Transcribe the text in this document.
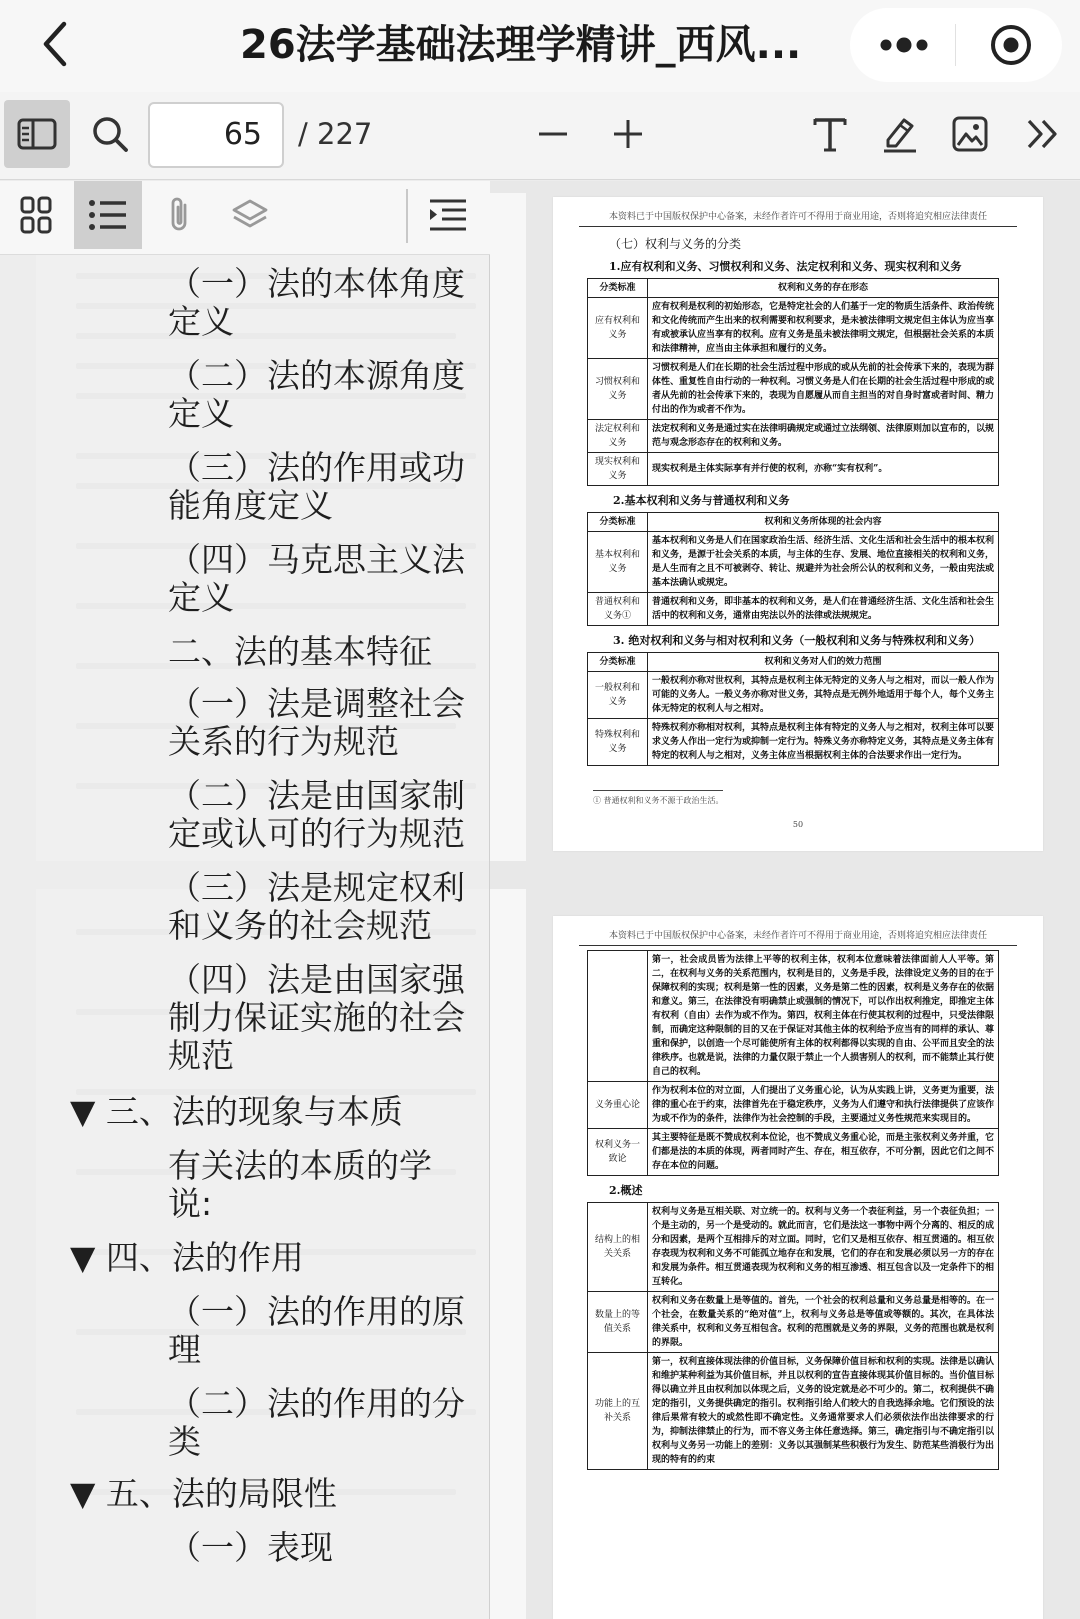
26法学基础法理学精讲_西风...
65	/ 227
本资料已于中国版权保护中心备案，未经作者许可不得用于商业用途，否则将追究相应法律责任
（七）权利与义务的分类
1.应有权利和义务、习惯权利和义务、法定权利和义务、现实权利和义务
分类标准	权利和义务的存在形态
应有权利和义务	应有权利是权利的初始形态，它是特定社会的人们基于一定的物质生活条件、政治传统和文化传统而产生出来的权利需要和权利要求，是未被法律明文规定但主体认为应当享有或被承认应当享有的权利。应有义务是虽未被法律明文规定，但根据社会关系的本质和法律精神，应当由主体承担和履行的义务。
习惯权利和义务	习惯权利是人们在长期的社会生活过程中形成的或从先前的社会传承下来的，表现为群体性、重复性自由行动的一种权利。习惯义务是人们在长期的社会生活过程中形成的或者从先前的社会传承下来的，表现为自愿履从而自主担当的对自身时富或者时间、精力付出的作为或者不作为。
法定权利和义务	法定权利和义务是通过实在法律明确规定或通过立法纲领、法律原则加以宣布的，以规范与观念形态存在的权利和义务。
现实权利和义务	现实权利是主体实际享有并行使的权利，亦称“实有权利”。
2.基本权利和义务与普通权利和义务
分类标准	权利和义务所体现的社会内容
基本权利和义务	基本权利和义务是人们在国家政治生活、经济生活、文化生活和社会生活中的根本权利和义务，是源于社会关系的本质，与主体的生存、发展、地位直接相关的权利和义务，是人生而有之且不可被剥夺、转让、规避并为社会所公认的权利和义务，一般由宪法或基本法确认或规定。
普通权利和义务①	普通权利和义务，即非基本的权利和义务，是人们在普通经济生活、文化生活和社会生活中的权利和义务，通常由宪法以外的法律或法规规定。
3. 绝对权利和义务与相对权利和义务（一般权利和义务与特殊权利和义务）
分类标准	权利和义务对人们的效力范围
一般权利和义务	一般权利亦称对世权利，其特点是权利主体无特定的义务人与之相对，而以一般人作为可能的义务人。一般义务亦称对世义务，其特点是无例外地适用于每个人，每个义务主体无特定的权利人与之相对。
特殊权利和义务	特殊权利亦称相对权利，其特点是权利主体有特定的义务人与之相对，权利主体可以要求义务人作出一定行为或抑制一定行为。特殊义务亦称特定义务，其特点是义务主体有特定的权利人与之相对，义务主体应当根据权利主体的合法要求作出一定行为。
① 普通权利和义务不源于政治生活。
50
本资料已于中国版权保护中心备案，未经作者许可不得用于商业用途，否则将追究相应法律责任
	第一，社会成员皆为法律上平等的权利主体，权利本位意味着法律面前人人平等。第二，在权利与义务的关系范围内，权利是目的，义务是手段，法律设定义务的目的在于保障权利的实现；权利是第一性的因素，义务是第二性的因素，权利是义务存在的依据和意义。第三，在法律没有明确禁止或强制的情况下，可以作出权利推定，即推定主体有权利（自由）去作为或不作为。第四，权利主体在行使其权利的过程中，只受法律限制，而确定这种限制的目的又在于保证对其他主体的权利给予应当有的同样的承认、尊重和保护，以创造一个尽可能使所有主体的权利都得以实现的自由、公平而且安全的法律秩序。也就是说，法律的力量仅限于禁止一个人损害别人的权利，而不能禁止其行使自己的权利。
义务重心论	作为权利本位的对立面，人们提出了义务重心论，认为从实践上讲，义务更为重要，法律的重心在于约束，法律首先在于稳定秩序，义务为人们遵守和执行法律提供了应该作为或不作为的条件，法律作为社会控制的手段，主要通过义务性规范来实现目的。
权利义务一致论	其主要特征是既不赞成权利本位论，也不赞成义务重心论，而是主张权利义务并重，它们都是法的本质的体现，两者同时产生、存在，相互依存，不可分割，因此它们之间不存在本位的问题。
2.概述
结构上的相关关系	权利与义务是互相关联、对立统一的。权利与义务一个表征利益，另一个表征负担；一个是主动的，另一个是受动的。就此而言，它们是法这一事物中两个分离的、相反的成分和因素，是两个互相排斥的对立面。同时，它们又是相互依存、相互贯通的。相互依存表现为权利和义务不可能孤立地存在和发展，它们的存在和发展必须以另一方的存在和发展为条件。相互贯通表现为权利和义务的相互渗透、相互包含以及一定条件下的相互转化。
数量上的等值关系	权利和义务在数量上是等值的。首先，一个社会的权利总量和义务总量是相等的。在一个社会，在数量关系的“绝对值”上，权利与义务总是等值或等额的。其次，在具体法律关系中，权利和义务互相包含。权利的范围就是义务的界限，义务的范围也就是权利的界限。
功能上的互补关系	第一，权利直接体现法律的价值目标，义务保障价值目标和权利的实现。法律是以确认和维护某种利益为其价值目标，并且以权利的宣告直接体现其价值目标的。当价值目标得以确立并且由权利加以体现之后，义务的设定就是必不可少的。第二，权利提供不确定的指引，义务提供确定的指引。权利指引给人们较大的自我选择余地。它们预设的法律后果常有较大的或然性即不确定性。义务通常要求人们必须依法作出法律要求的行为，抑制法律禁止的行为，而不容义务主体任意选择。第三，确定指引与不确定指引以权利与义务另一功能上的差别：义务以其强制某些积极行为发生、防范某些消极行为出现的特有的约束
（一）法的本体角度
定义
（二）法的本源角度
定义
（三）法的作用或功
能角度定义
（四）马克思主义法
定义
二、法的基本特征
（一）法是调整社会
关系的行为规范
（二）法是由国家制
定或认可的行为规范
（三）法是规定权利
和义务的社会规范
（四）法是由国家强
制力保证实施的社会
规范
▼ 三、法的现象与本质
有关法的本质的学
说:
▼ 四、法的作用
（一）法的作用的原
理
（二）法的作用的分
类
▼ 五、法的局限性
（一）表现
